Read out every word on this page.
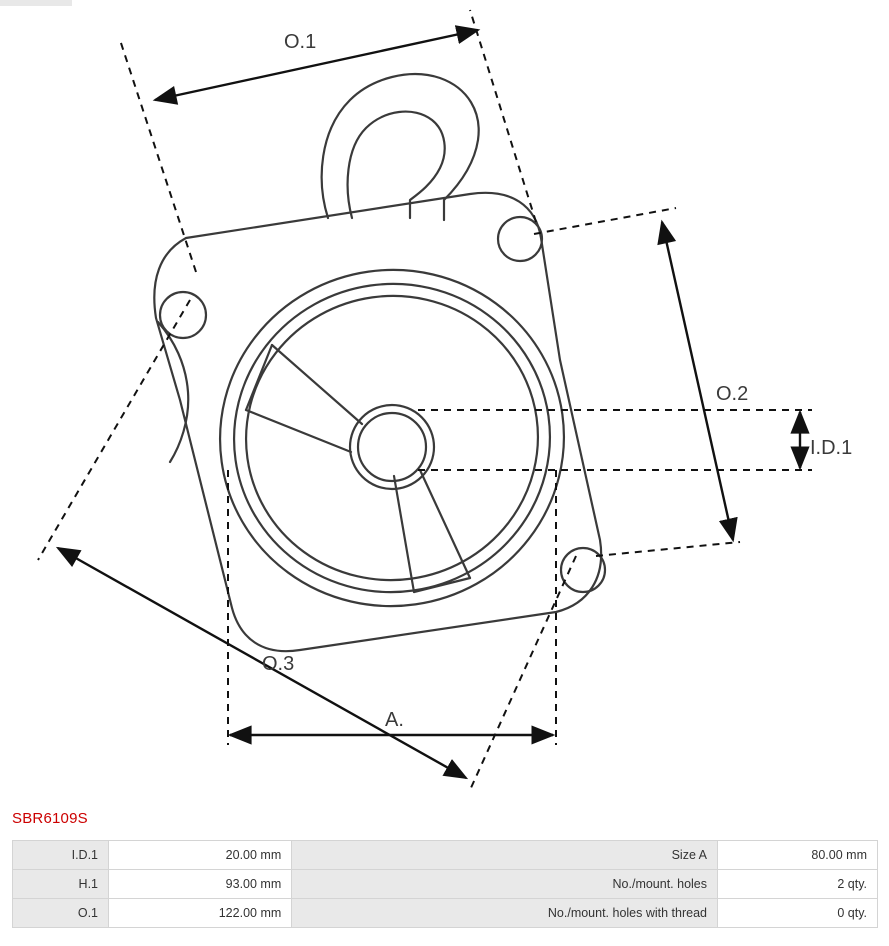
O.1
O.2
O.3
I.D.1
A.
SBR6109S
I.D.1	20.00 mm	Size A	80.00 mm
H.1	93.00 mm	No./mount. holes	2 qty.
O.1	122.00 mm	No./mount. holes with thread	0 qty.
